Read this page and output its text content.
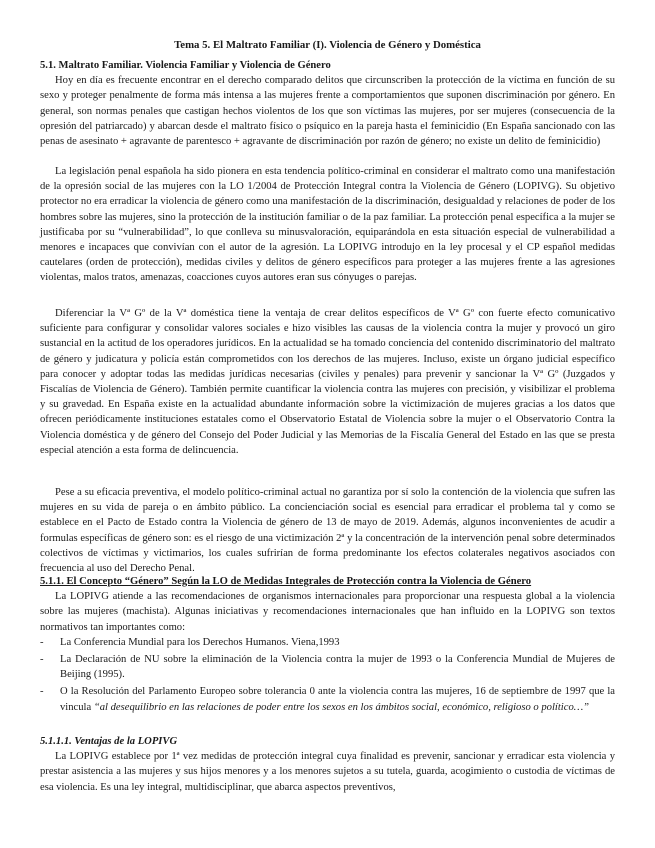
Tema 5. El Maltrato Familiar (I). Violencia de Género y Doméstica

5.1. Maltrato Familiar. Violencia Familiar y Violencia de Género

Hoy en día es frecuente encontrar en el derecho comparado delitos que circunscriben la protección de la víctima en función de su sexo y proteger penalmente de forma más intensa a las mujeres frente a comportamientos que suponen discriminación por género. En general, son normas penales que castigan hechos violentos de los que son víctimas las mujeres, por ser mujeres (consecuencia de la opresión del patriarcado) y abarcan desde el maltrato físico o psíquico en la pareja hasta el feminicidio (En España sancionado con las penas de asesinato + agravante de parentesco + agravante de discriminación por razón de género; no existe un delito de feminicidio)

La legislación penal española ha sido pionera en esta tendencia político-criminal en considerar el maltrato como una manifestación de la opresión social de las mujeres con la LO 1/2004 de Protección Integral contra la Violencia de Género (LOPIVG). Su objetivo protector no era erradicar la violencia de género como una manifestación de la discriminación, desigualdad y relaciones de poder de los hombres sobre las mujeres, sino la protección de la institución familiar o de la paz familiar. La protección penal específica a la mujer se justificaba por su “vulnerabilidad”, lo que conlleva su minusvaloración, equiparándola en esta situación especial de vulnerabilidad a menores e incapaces que convivían con el autor de la agresión. La LOPIVG introdujo en la ley procesal y el CP español medidas cautelares (orden de protección), medidas civiles y delitos de género específicos para proteger a las mujeres frente a las agresiones violentas, malos tratos, amenazas, coacciones cuyos autores eran sus cónyuges o parejas.

Diferenciar la Vª Gº de la Vª doméstica tiene la ventaja de crear delitos específicos de Vª Gº con fuerte efecto comunicativo suficiente para configurar y consolidar valores sociales e hizo visibles las causas de la violencia contra la mujer y provocó un giro sustancial en la actitud de los operadores jurídicos. En la actualidad se ha tomado conciencia del contenido discriminatorio del maltrato de género y judicatura y policía están comprometidos con los derechos de las mujeres. Incluso, existe un órgano judicial específico para conocer y adoptar todas las medidas jurídicas necesarias (civiles y penales) para prevenir y sancionar la Vª Gº (Juzgados y Fiscalías de Violencia de Género). También permite cuantificar la violencia contra las mujeres con precisión, y visibilizar el problema y su gravedad. En España existe en la actualidad abundante información sobre la victimización de mujeres gracias a los datos que ofrecen periódicamente instituciones estatales como el Observatorio Estatal de Violencia sobre la mujer o el Observatorio Contra la Violencia doméstica y de género del Consejo del Poder Judicial y las Memorias de la Fiscalía General del Estado en las que se presta especial atención a esta forma de delincuencia.

Pese a su eficacia preventiva, el modelo político-criminal actual no garantiza por sí solo la contención de la violencia que sufren las mujeres en su vida de pareja o en ámbito público. La concienciación social es esencial para erradicar el problema tal y como se establece en el Pacto de Estado contra la Violencia de género de 13 de mayo de 2019. Además, algunos inconvenientes de acudir a formulas específicas de género son: es el riesgo de una victimización 2ª y la concentración de la intervención penal sobre determinados colectivos de víctimas y victimarios, los cuales sufrirían de forma predominante los efectos colaterales negativos asociados con frecuencia al uso del Derecho Penal.

5.1.1. El Concepto “Género” Según la LO de Medidas Integrales de Protección contra la Violencia de Género

La LOPIVG atiende a las recomendaciones de organismos internacionales para proporcionar una respuesta global a la violencia sobre las mujeres (machista). Algunas iniciativas y recomendaciones internacionales que han influido en la LOPIVG son textos normativos tan importantes como:

- La Conferencia Mundial para los Derechos Humanos. Viena,1993
- La Declaración de NU sobre la eliminación de la Violencia contra la mujer de 1993 o la Conferencia Mundial de Mujeres de Beijing (1995).
- O la Resolución del Parlamento Europeo sobre tolerancia 0 ante la violencia contra las mujeres, 16 de septiembre de 1997 que la vincula “al desequilibrio en las relaciones de poder entre los sexos en los ámbitos social, económico, religioso o político…”

5.1.1.1. Ventajas de la LOPIVG

La LOPIVG establece por 1ª vez medidas de protección integral cuya finalidad es prevenir, sancionar y erradicar esta violencia y prestar asistencia a las mujeres y sus hijos menores y a los menores sujetos a su tutela, guarda, acogimiento o custodia de víctimas de esa violencia. Es una ley integral, multidisciplinar, que abarca aspectos preventivos,
